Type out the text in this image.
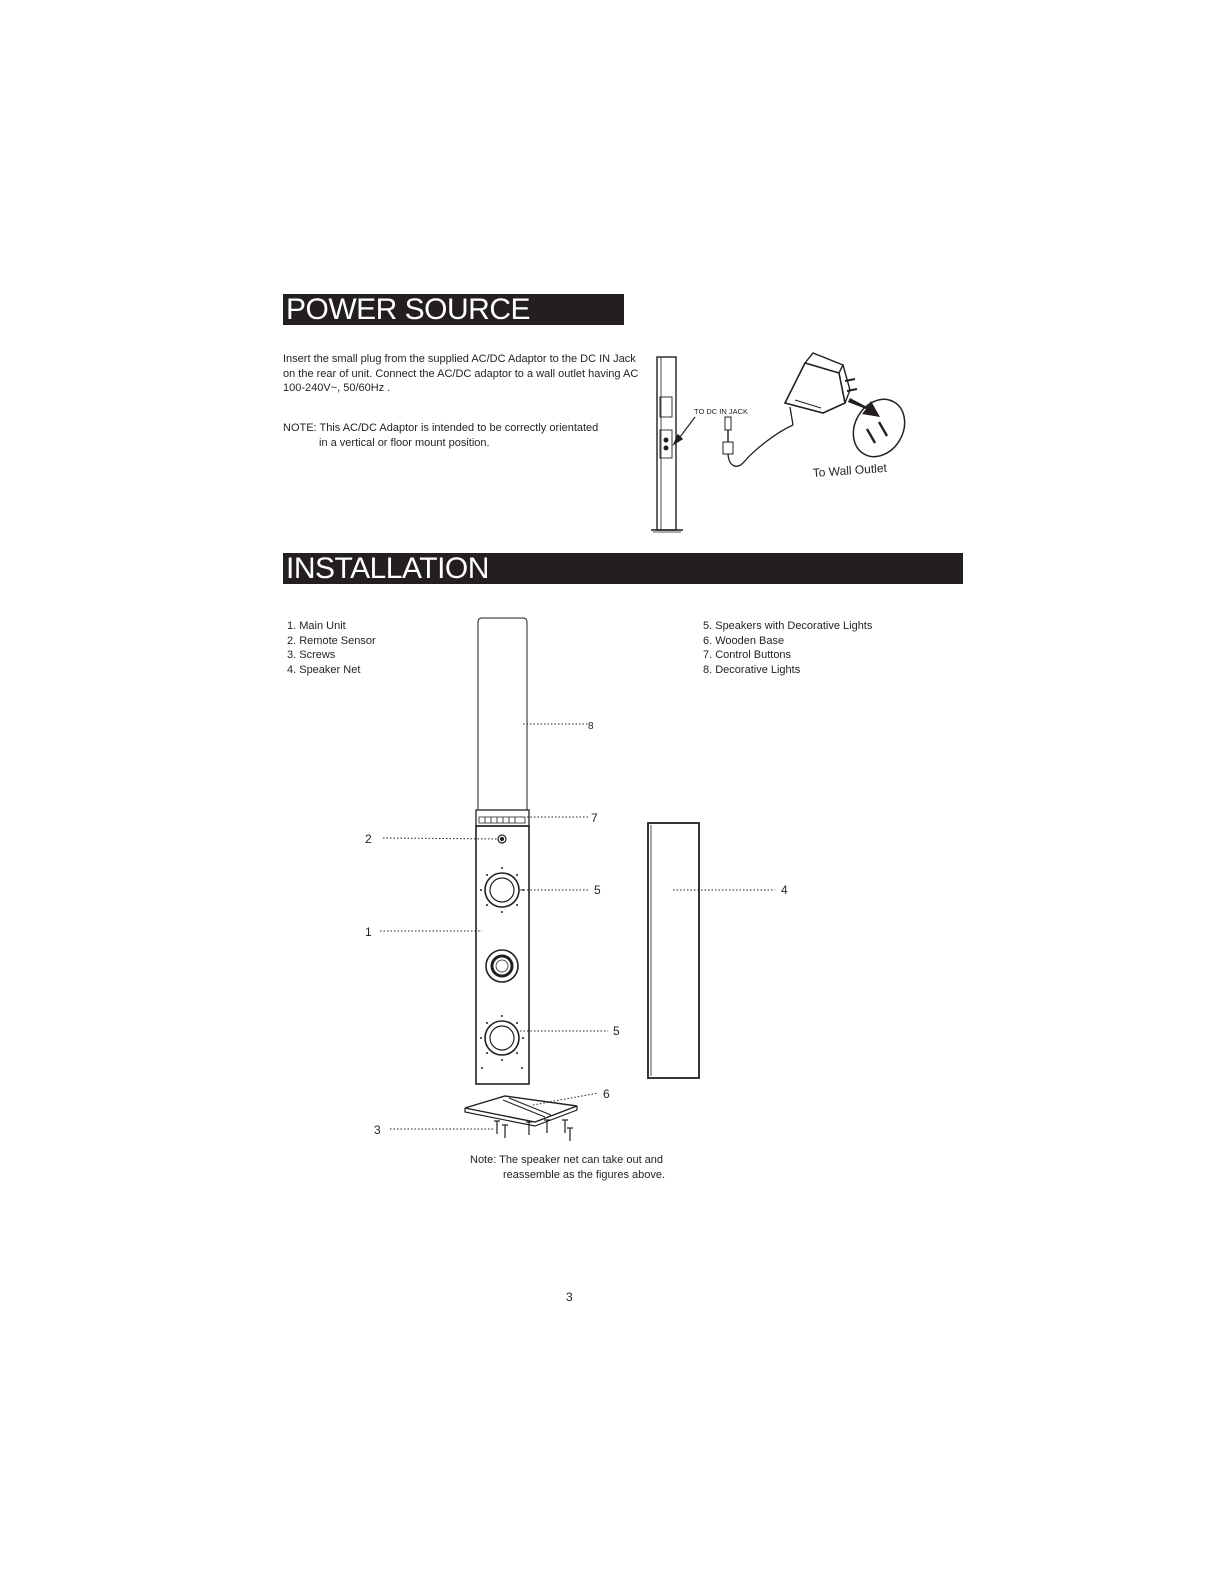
POWER SOURCE
Insert the small plug from the supplied AC/DC Adaptor to the DC IN Jack
on the rear of unit. Connect the AC/DC adaptor to a wall outlet having AC
100-240V~, 50/60Hz .
NOTE: This AC/DC Adaptor is intended to be correctly orientated
in a vertical or floor mount position.
TO DC IN JACK
To Wall Outlet
INSTALLATION
1. Main Unit
2. Remote Sensor
3. Screws
4. Speaker Net
5. Speakers with Decorative Lights
6. Wooden Base
7. Control Buttons
8. Decorative Lights
8
7
2
5
1
5
4
6
3
Note: The speaker net can take out and
reassemble as the figures above.
3
